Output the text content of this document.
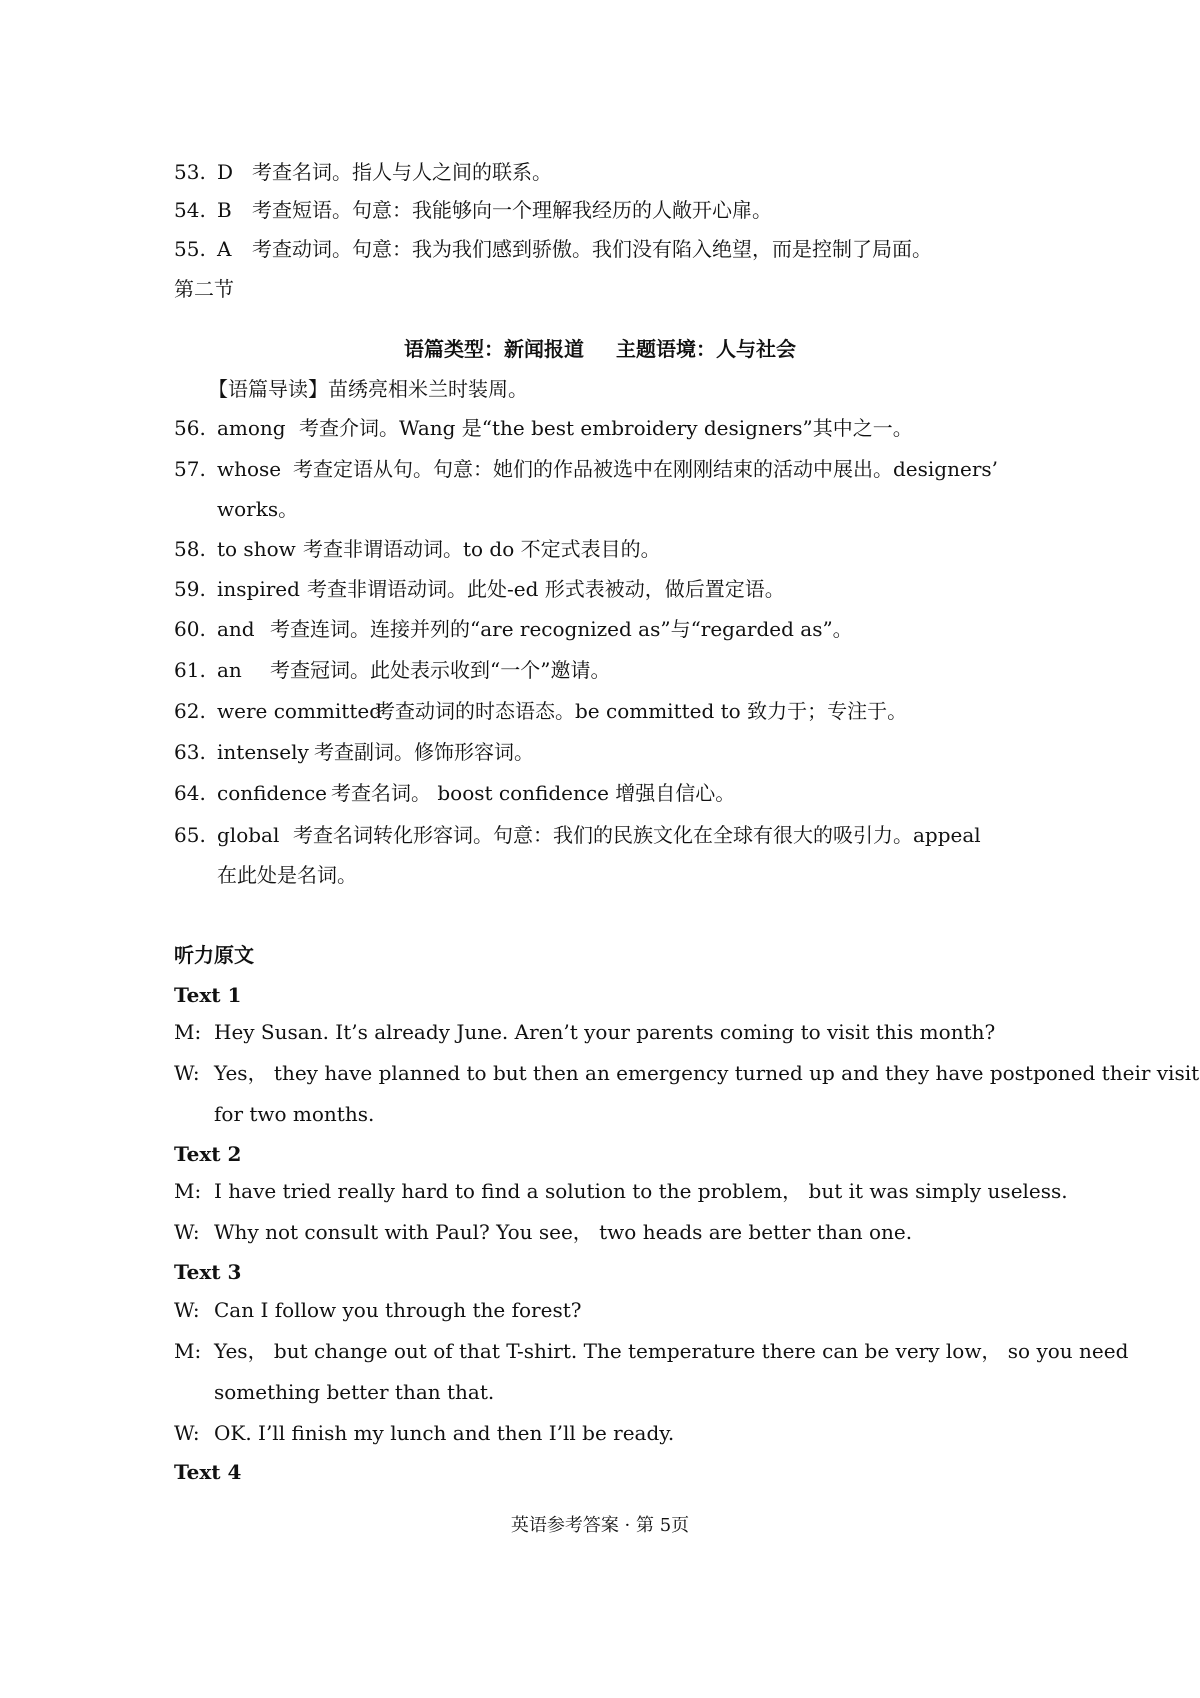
53. D 考查名词。指人与人之间的联系。
54. B 考查短语。句意：我能够向一个理解我经历的人敞开心扉。
55. A 考查动词。句意：我为我们感到骄傲。我们没有陷入绝望，而是控制了局面。
第二节
语篇类型：新闻报道 主题语境：人与社会
【语篇导读】苗绣亮相米兰时装周。
56. among 考查介词。Wang 是“the best embroidery designers”其中之一。
57. whose 考查定语从句。句意：她们的作品被选中在刚刚结束的活动中展出。designers’
works。
58. to show 考查非谓语动词。to do 不定式表目的。
59. inspired 考查非谓语动词。此处-ed 形式表被动，做后置定语。
60. and 考查连词。连接并列的“are recognized as”与“regarded as”。
61. an 考查冠词。此处表示收到“一个”邀请。
62. were committed考查动词的时态语态。be committed to 致力于；专注于。
63. intensely 考查副词。修饰形容词。
64. confidence 考查名词。 boost confidence 增强自信心。
65. global 考查名词转化形容词。句意：我们的民族文化在全球有很大的吸引力。appeal
在此处是名词。
听力原文
Text 1
M: Hey Susan. It’s already June. Aren’t your parents coming to visit this month?
W: Yes， they have planned to but then an emergency turned up and they have postponed their visit
for two months.
Text 2
M: I have tried really hard to find a solution to the problem， but it was simply useless.
W: Why not consult with Paul? You see， two heads are better than one.
Text 3
W: Can I follow you through the forest?
M: Yes， but change out of that T-shirt. The temperature there can be very low， so you need
something better than that.
W: OK. I’ll finish my lunch and then I’ll be ready.
Text 4
英语参考答案 · 第 5页
